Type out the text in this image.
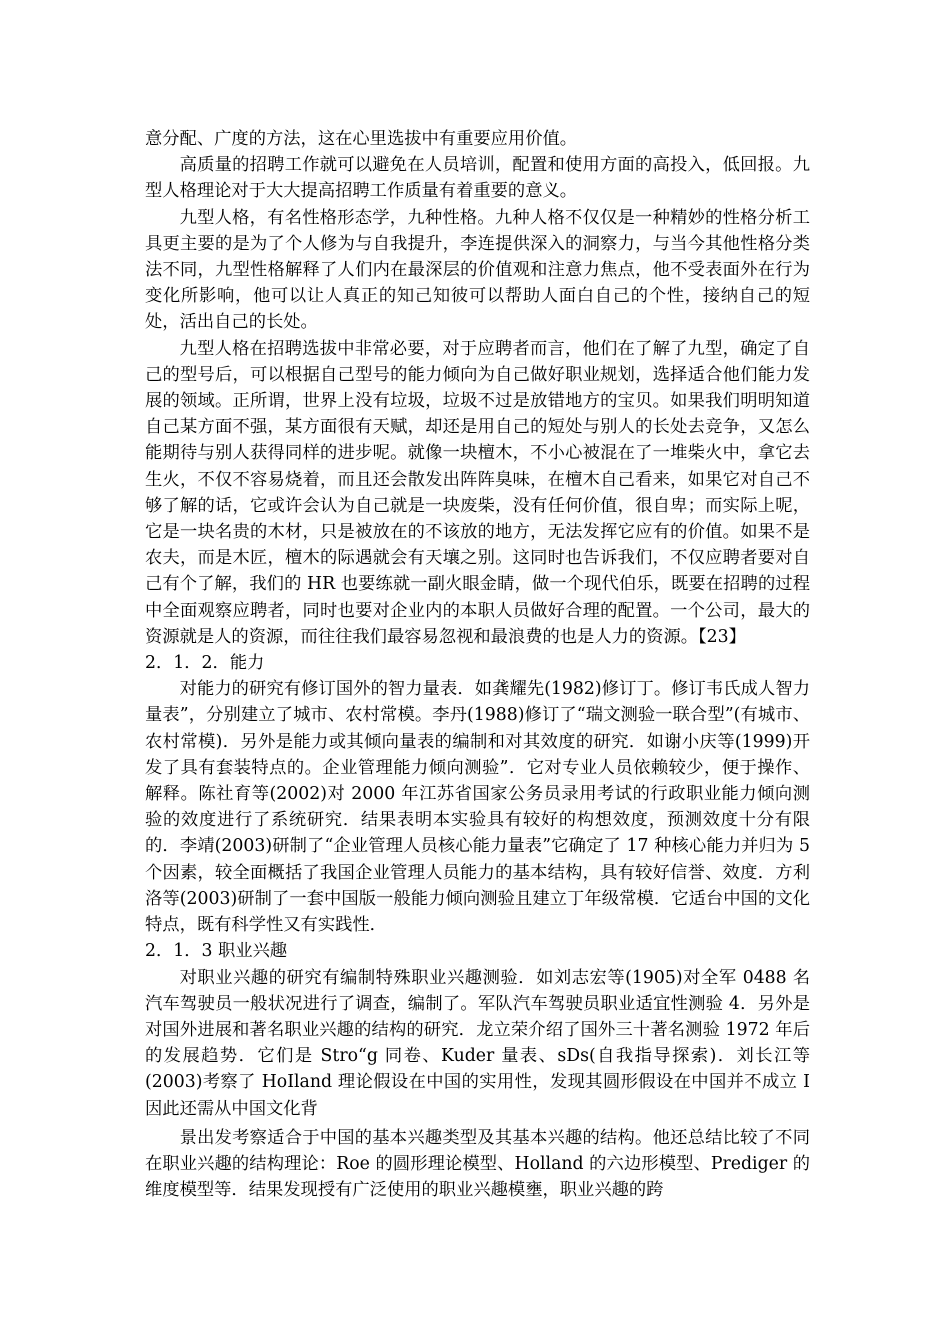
意分配、广度的方法，这在心里选拔中有重要应用价值。

高质量的招聘工作就可以避免在人员培训，配置和使用方面的高投入，低回报。九型人格理论对于大大提高招聘工作质量有着重要的意义。

九型人格，有名性格形态学，九种性格。九种人格不仅仅是一种精妙的性格分析工具更主要的是为了个人修为与自我提升，李连提供深入的洞察力，与当今其他性格分类法不同，九型性格解释了人们内在最深层的价值观和注意力焦点，他不受表面外在行为变化所影响，他可以让人真正的知己知彼可以帮助人面白自己的个性，接纳自己的短处，活出自己的长处。

九型人格在招聘选拔中非常必要，对于应聘者而言，他们在了解了九型，确定了自己的型号后，可以根据自己型号的能力倾向为自己做好职业规划，选择适合他们能力发展的领域。正所谓，世界上没有垃圾，垃圾不过是放错地方的宝贝。如果我们明明知道自己某方面不强，某方面很有天赋，却还是用自己的短处与别人的长处去竞争，又怎么能期待与别人获得同样的进步呢。就像一块檀木，不小心被混在了一堆柴火中，拿它去生火，不仅不容易烧着，而且还会散发出阵阵臭味，在檀木自己看来，如果它对自己不够了解的话，它或许会认为自己就是一块废柴，没有任何价值，很自卑；而实际上呢，它是一块名贵的木材，只是被放在的不该放的地方，无法发挥它应有的价值。如果不是农夫，而是木匠，檀木的际遇就会有天壤之别。这同时也告诉我们，不仅应聘者要对自己有个了解，我们的 HR 也要练就一副火眼金睛，做一个现代伯乐，既要在招聘的过程中全面观察应聘者，同时也要对企业内的本职人员做好合理的配置。一个公司，最大的资源就是人的资源，而往往我们最容易忽视和最浪费的也是人力的资源。【23】

2．1．2．能力

对能力的研究有修订国外的智力量表．如龚耀先(1982)修订丁。修订韦氏成人智力量表”，分别建立了城市、农村常模。李丹(1988)修订了“瑞文测验一联合型”(有城市、农村常模)．另外是能力或其倾向量表的编制和对其效度的研究．如谢小庆等(1999)开发了具有套装特点的。企业管理能力倾向测验”．它对专业人员依赖较少，便于操作、解释。陈社育等(2002)对 2000 年江苏省国家公务员录用考试的行政职业能力倾向测验的效度进行了系统研究．结果表明本实验具有较好的构想效度，预测效度十分有限的．李靖(2003)研制了“企业管理人员核心能力量表”它确定了 17 种核心能力并归为 5 个因素，较全面概括了我国企业管理人员能力的基本结构，具有较好信誉、效度．方利洛等(2003)研制了一套中国版一般能力倾向测验且建立丁年级常模．它适台中国的文化特点，既有科学性又有实践性．

2．1．3 职业兴趣

对职业兴趣的研究有编制特殊职业兴趣测验．如刘志宏等(1905)对全军 0488 名汽车驾驶员一般状况进行了调查，编制了。军队汽车驾驶员职业适宜性测验 4．另外是对国外进展和著名职业兴趣的结构的研究．龙立荣介绍了国外三十著名测验 1972 年后的发展趋势．它们是 Stro“g 同卷、Kuder 量表、sDs(自我指导探索)．刘长江等(2003)考察了 HoIland 理论假设在中国的实用性，发现其圆形假设在中国并不成立 I 因此还需从中国文化背

景出发考察适合于中国的基本兴趣类型及其基本兴趣的结构。他还总结比较了不同在职业兴趣的结构理论：Roe 的圆形理论模型、Holland 的六边形模型、Prediger 的维度模型等．结果发现授有广泛使用的职业兴趣模壅，职业兴趣的跨
